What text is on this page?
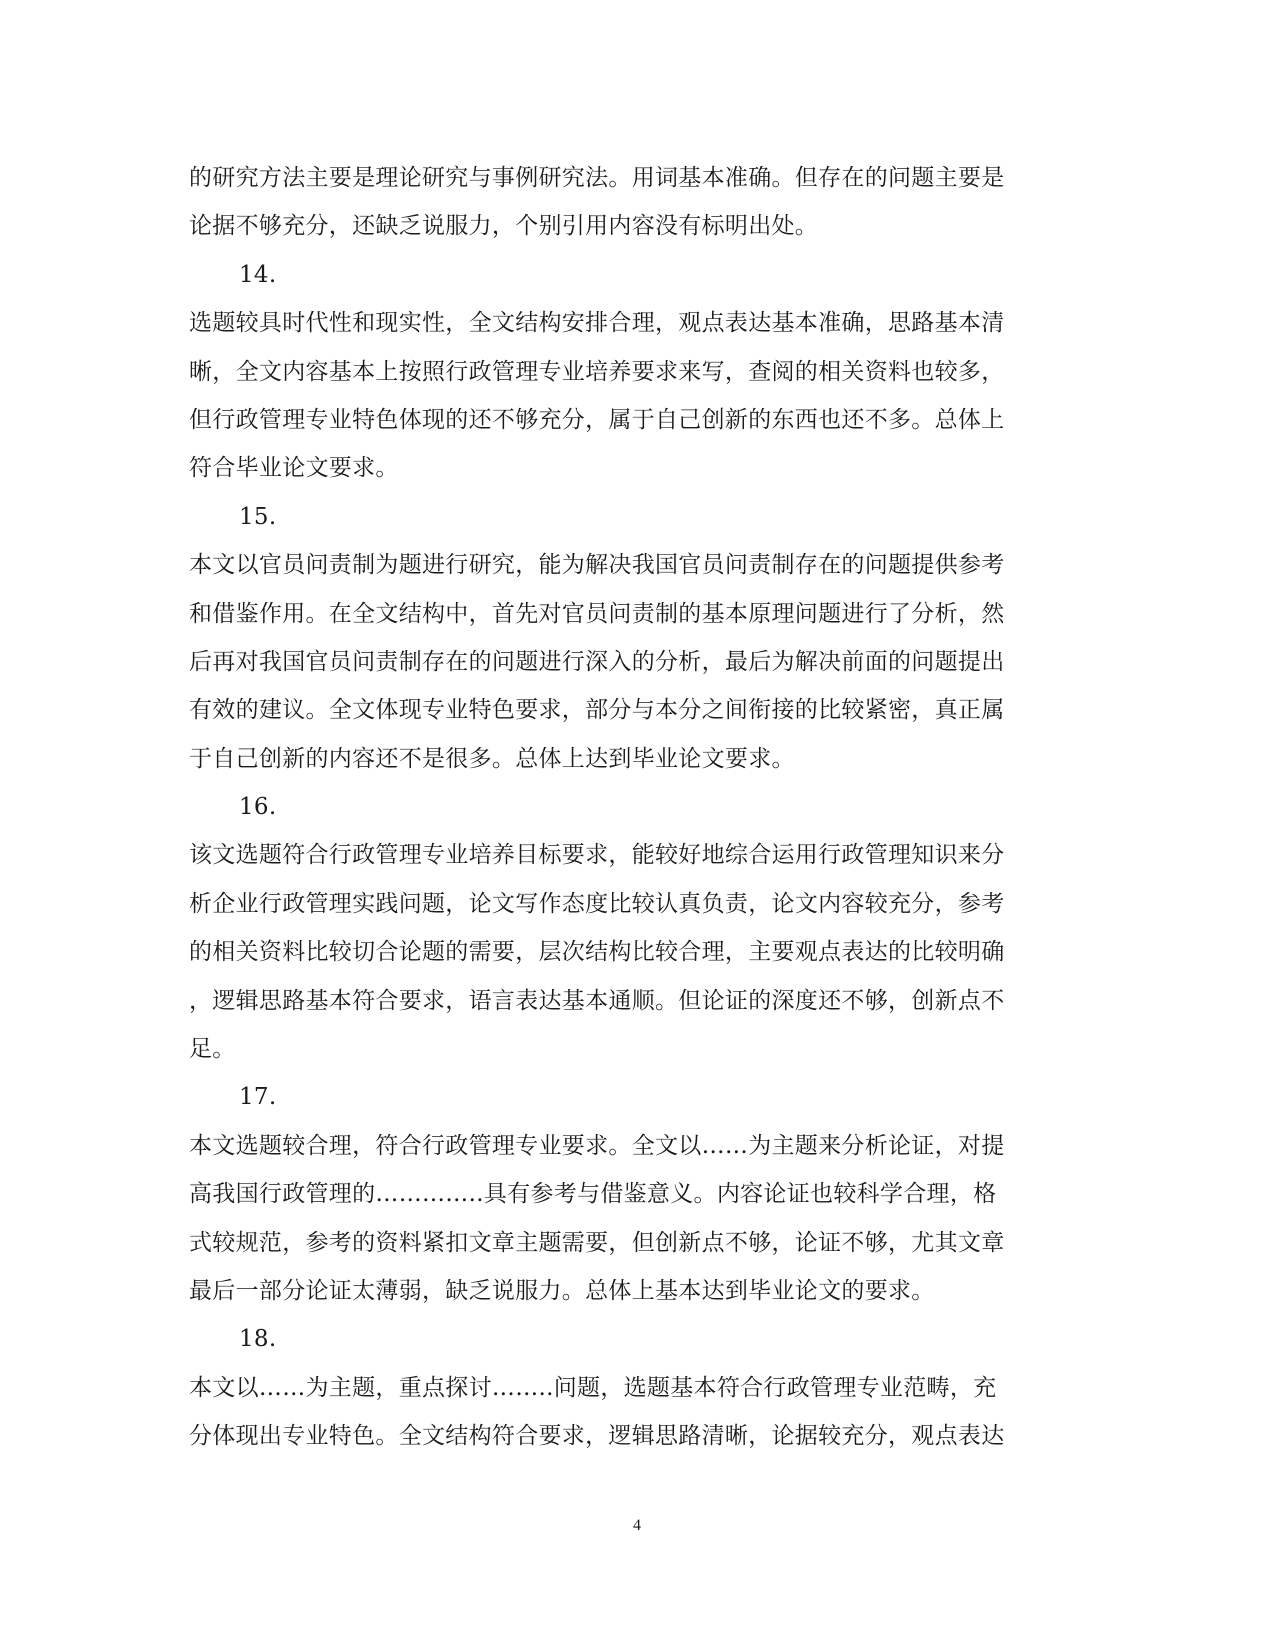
的研究方法主要是理论研究与事例研究法。用词基本准确。但存在的问题主要是
论据不够充分，还缺乏说服力，个别引用内容没有标明出处。
14.
选题较具时代性和现实性，全文结构安排合理，观点表达基本准确，思路基本清
晰，全文内容基本上按照行政管理专业培养要求来写，查阅的相关资料也较多，
但行政管理专业特色体现的还不够充分，属于自己创新的东西也还不多。总体上
符合毕业论文要求。
15.
本文以官员问责制为题进行研究，能为解决我国官员问责制存在的问题提供参考
和借鉴作用。在全文结构中，首先对官员问责制的基本原理问题进行了分析，然
后再对我国官员问责制存在的问题进行深入的分析，最后为解决前面的问题提出
有效的建议。全文体现专业特色要求，部分与本分之间衔接的比较紧密，真正属
于自己创新的内容还不是很多。总体上达到毕业论文要求。
16.
该文选题符合行政管理专业培养目标要求，能较好地综合运用行政管理知识来分
析企业行政管理实践问题，论文写作态度比较认真负责，论文内容较充分，参考
的相关资料比较切合论题的需要，层次结构比较合理，主要观点表达的比较明确
，逻辑思路基本符合要求，语言表达基本通顺。但论证的深度还不够，创新点不
足。
17.
本文选题较合理，符合行政管理专业要求。全文以……为主题来分析论证，对提
高我国行政管理的…………..具有参考与借鉴意义。内容论证也较科学合理，格
式较规范，参考的资料紧扣文章主题需要，但创新点不够，论证不够，尤其文章
最后一部分论证太薄弱，缺乏说服力。总体上基本达到毕业论文的要求。
18.
本文以……为主题，重点探讨……..问题，选题基本符合行政管理专业范畴，充
分体现出专业特色。全文结构符合要求，逻辑思路清晰，论据较充分，观点表达
4
